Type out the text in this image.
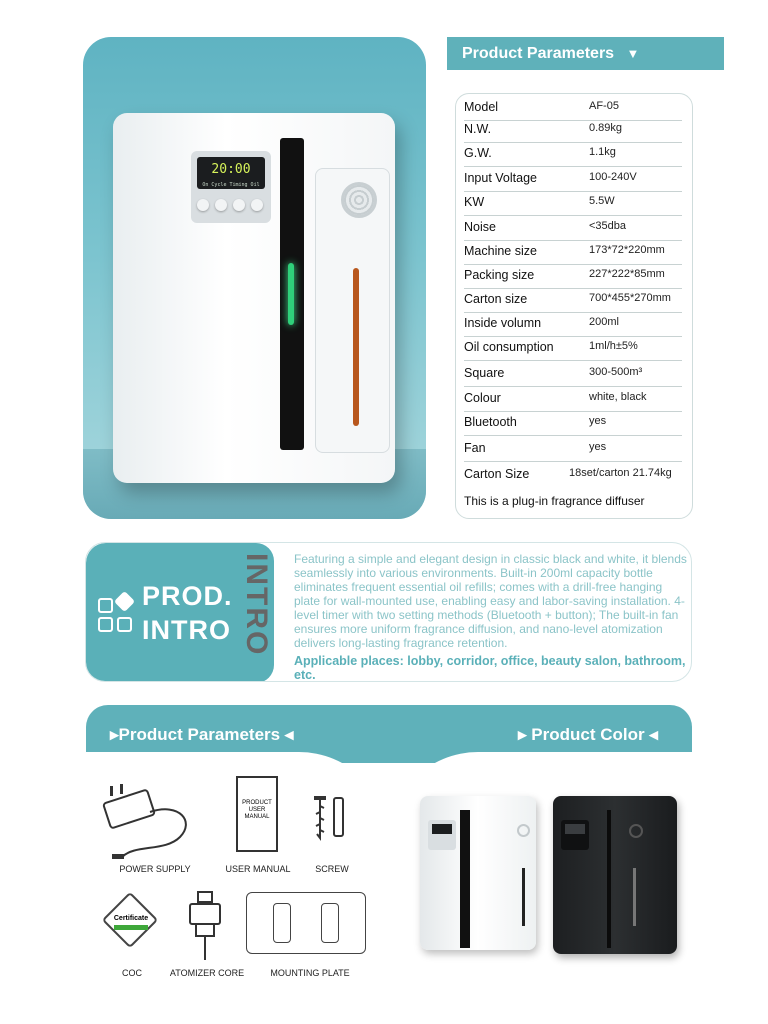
20:00
On Cycle Timing Oil
Product Parameters ▼
Model	AF-05
N.W.	0.89kg
G.W.	1.1kg
Input Voltage	100-240V
KW	5.5W
Noise	<35dba
Machine size	173*72*220mm
Packing size	227*222*85mm
Carton size	700*455*270mm
Inside volumn	200ml
Oil consumption	1ml/h±5%
Square	300-500m³
Colour	white, black
Bluetooth	yes
Fan	yes
Carton Size	18set/carton 21.74kg
This is a plug-in fragrance diffuser
PROD.
INTRO INTRO Featuring a simple and elegant design in classic black and white, it blends seamlessly into various environments. Built-in 200ml capacity bottle eliminates frequent essential oil refills; comes with a drill-free hanging plate for wall-mounted use, enabling easy and labor-saving installation. 4-level timer with two setting methods (Bluetooth + button); The built-in fan ensures more uniform fragrance diffusion, and nano-level atomization delivers long-lasting fragrance retention.
Applicable places: lobby, corridor, office, beauty salon, bathroom, etc.
▸Product Parameters ◂	▸ Product Color ◂
POWER SUPPLY
PRODUCT USER MANUAL
USER MANUAL	SCREW
Certificate
COC	ATOMIZER CORE	MOUNTING PLATE
